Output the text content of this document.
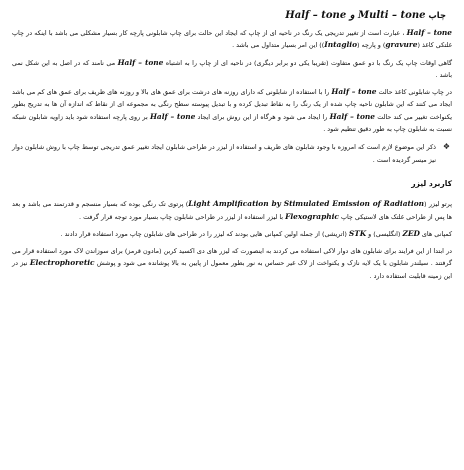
چاپ Half – tone و Multi – tone

Half – tone ، عبارت است از تغییر تدریجی یک رنگ در ناحیه ای از چاپ که ایجاد این حالت برای چاپ شابلونی پارچه کار بسیار مشکلی می باشد با اینکه در چاپ غلتکی کاغذ (gravure) و پارچه (Intaglio)) این امر بسیار متداول می باشد .

گاهی اوقات چاپ یک رنگ با دو عمق متفاوت (تقریبا یکی دو برابر دیگری) در ناحیه ای از چاپ را به اشتباه Half – tone می نامند که در اصل به این شکل نمی باشد .

در چاپ شابلونی کاغذ حالت Half – tone را با استفاده از شابلونی که دارای روزنه های درشت برای عمق های بالا و روزنه های ظریف برای عمق های کم می باشد ایجاد می کنند که این شابلون ناحیه چاپ شده از یک رنگ را به نقاط تبدیل کرده و با تبدیل پیوسته سطح رنگی به مجموعه ای از نقاط که اندازه آن ها به تدریج بطور یکنواخت تغییر می کند حالت Half – tone را ایجاد می شود و هرگاه از این روش برای ایجاد Half – tone بر روی پارچه استفاده شود باید زاویه شابلون شبکه نسبت به شابلون چاپ به طور دقیق تنظیم شود .

❖
ذکر این موضوع لازم است که امروزه با وجود شابلون های ظریف و استفاده از لیزر در طراحی شابلون ایجاد تغییر عمق تدریجی توسط چاپ با روش شابلون دوار نیز میسر گردیده است .
کاربرد لیزر

پرتو لیزر (Light Amplification by Stimulated Emission of Radiation) پرتوی تک رنگی بوده که بسیار منسجم و قدرتمند می باشد و بعد ها پس از طراحی غلتک های لاستیکی چاپ Flexographic با لیزر استفاده از لیزر در طراحی شابلون چاپ بسیار مورد توجه قرار گرفت .

کمپانی های ZED (انگلیسی) و STK (اتریشی) از جمله اولین کمپانی هایی بودند که لیزر را در طراحی های شابلون چاپ مورد استفاده قرار دادند .

در ابتدا از این فرایند برای شابلون های دوار لاکی استفاده می کردند به اینصورت که لیزر های دی اکسید کربن (مادون قرمز) برای سوزاندن لاک مورد استفاده قرار می گرفتند . سیلندر شابلون با یک لایه نازک و یکنواخت از لاک غیر حساس به نور بطور معمول از پایین به بالا پوشانده می شود و پوشش Electrophoretic نیز در این زمینه قابلیت استفاده دارد .
